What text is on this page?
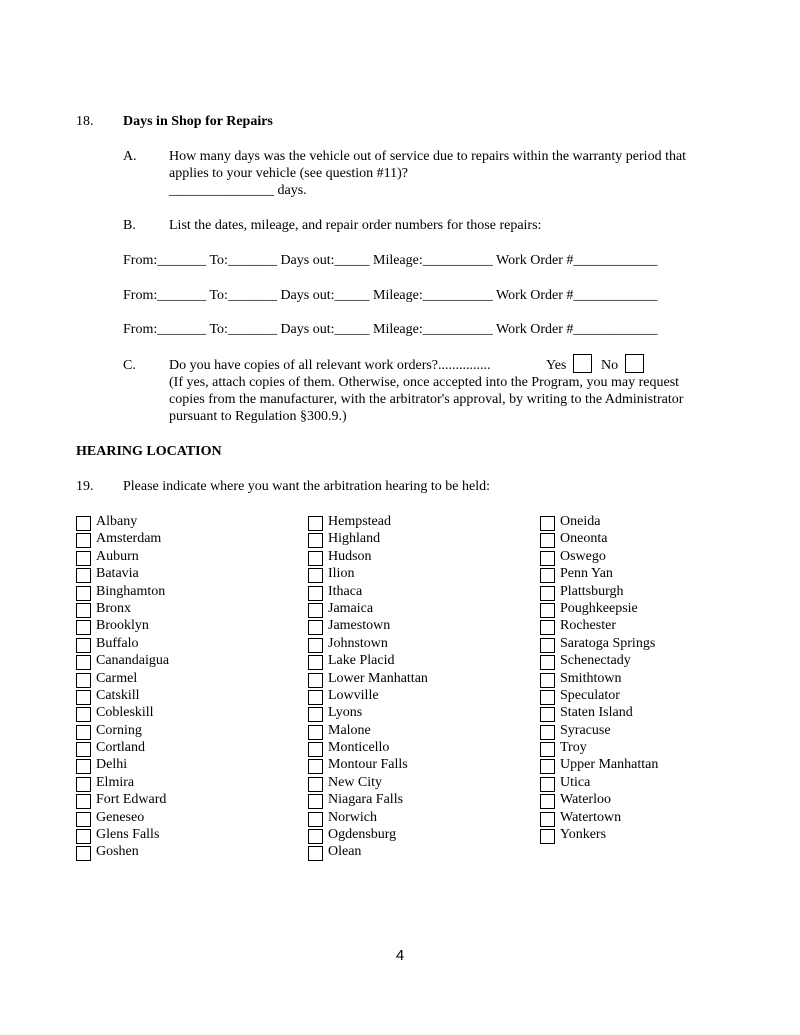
18. Days in Shop for Repairs
A. How many days was the vehicle out of service due to repairs within the warranty period that
applies to your vehicle (see question #11)?
_______________ days.
B. List the dates, mileage, and repair order numbers for those repairs:
From:_______ To:_______ Days out:_____ Mileage:__________ Work Order #____________
From:_______ To:_______ Days out:_____ Mileage:__________ Work Order #____________
From:_______ To:_______ Days out:_____ Mileage:__________ Work Order #____________
C. Do you have copies of all relevant work orders?...............	Yes No
(If yes, attach copies of them. Otherwise, once accepted into the Program, you may request
copies from the manufacturer, with the arbitrator's approval, by writing to the Administrator
pursuant to Regulation §300.9.)
HEARING LOCATION
19. Please indicate where you want the arbitration hearing to be held:
Albany
Amsterdam
Auburn
Batavia
Binghamton
Bronx
Brooklyn
Buffalo
Canandaigua
Carmel
Catskill
Cobleskill
Corning
Cortland
Delhi
Elmira
Fort Edward
Geneseo
Glens Falls
Goshen
Hempstead
Highland
Hudson
Ilion
Ithaca
Jamaica
Jamestown
Johnstown
Lake Placid
Lower Manhattan
Lowville
Lyons
Malone
Monticello
Montour Falls
New City
Niagara Falls
Norwich
Ogdensburg
Olean
Oneida
Oneonta
Oswego
Penn Yan
Plattsburgh
Poughkeepsie
Rochester
Saratoga Springs
Schenectady
Smithtown
Speculator
Staten Island
Syracuse
Troy
Upper Manhattan
Utica
Waterloo
Watertown
Yonkers
4
